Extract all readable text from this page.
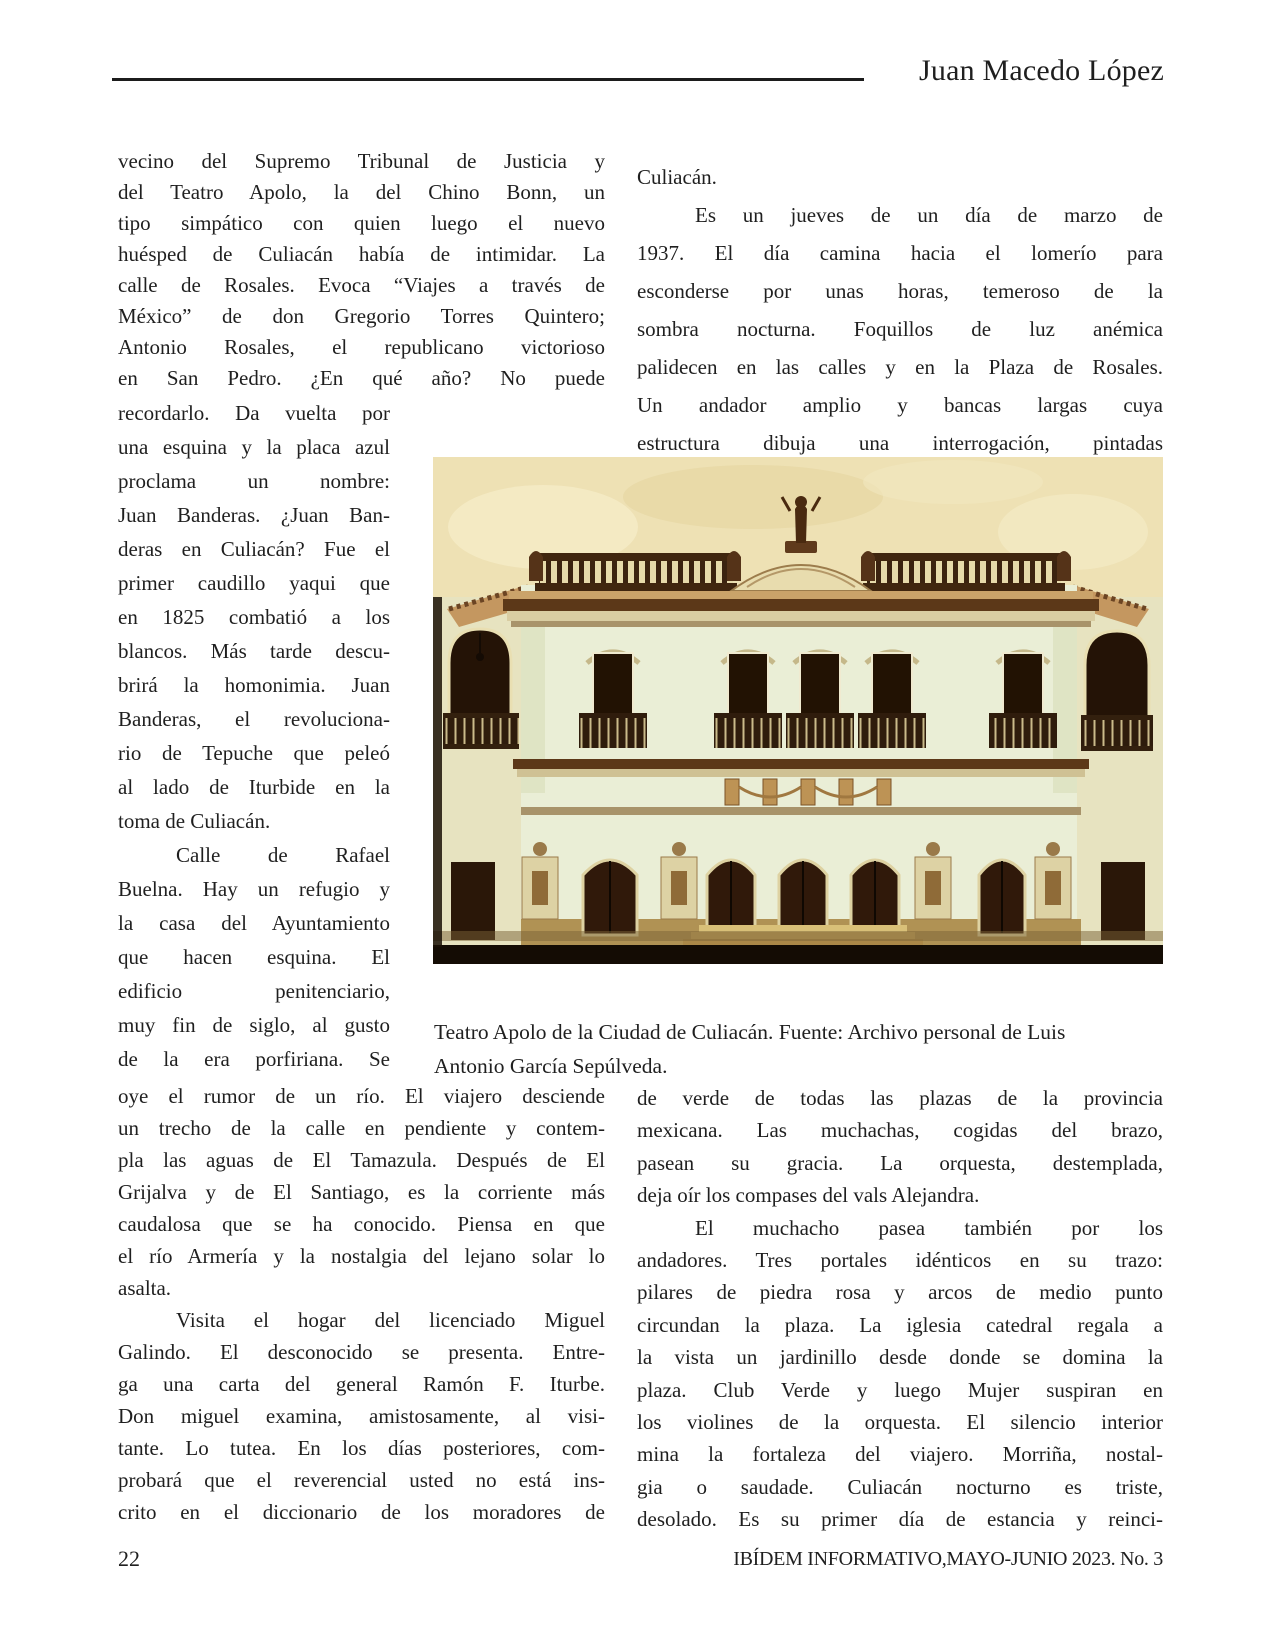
Juan Macedo López
vecino del Supremo Tribunal de Justicia y
del Teatro Apolo, la del Chino Bonn, un
tipo simpático con quien luego el nuevo
huésped de Culiacán había de intimidar. La
calle de Rosales. Evoca “Viajes a través de
México” de don Gregorio Torres Quintero;
Antonio Rosales, el republicano victorioso
en San Pedro. ¿En qué año? No puede
recordarlo. Da vuelta por
una esquina y la placa azul
proclama un nombre:
Juan Banderas. ¿Juan Ban-
deras en Culiacán? Fue el
primer caudillo yaqui que
en 1825 combatió a los
blancos. Más tarde descu-
brirá la homonimia. Juan
Banderas, el revoluciona-
rio de Tepuche que peleó
al lado de Iturbide en la
toma de Culiacán.
Calle de Rafael
Buelna. Hay un refugio y
la casa del Ayuntamiento
que hacen esquina. El
edificio penitenciario,
muy fin de siglo, al gusto
de la era porfiriana. Se
oye el rumor de un río. El viajero desciende
un trecho de la calle en pendiente y contem-
pla las aguas de El Tamazula. Después de El
Grijalva y de El Santiago, es la corriente más
caudalosa que se ha conocido. Piensa en que
el río Armería y la nostalgia del lejano solar lo
asalta.
Visita el hogar del licenciado Miguel
Galindo. El desconocido se presenta. Entre-
ga una carta del general Ramón F. Iturbe.
Don miguel examina, amistosamente, al visi-
tante. Lo tutea. En los días posteriores, com-
probará que el reverencial usted no está ins-
crito en el diccionario de los moradores de
Culiacán.
Es un jueves de un día de marzo de
1937. El día camina hacia el lomerío para
esconderse por unas horas, temeroso de la
sombra nocturna. Foquillos de luz anémica
palidecen en las calles y en la Plaza de Rosales.
Un andador amplio y bancas largas cuya
estructura dibuja una interrogación, pintadas
de verde de todas las plazas de la provincia
mexicana. Las muchachas, cogidas del brazo,
pasean su gracia. La orquesta, destemplada,
deja oír los compases del vals Alejandra.
El muchacho pasea también por los
andadores. Tres portales idénticos en su trazo:
pilares de piedra rosa y arcos de medio punto
circundan la plaza. La iglesia catedral regala a
la vista un jardinillo desde donde se domina la
plaza. Club Verde y luego Mujer suspiran en
los violines de la orquesta. El silencio interior
mina la fortaleza del viajero. Morriña, nostal-
gia o saudade. Culiacán nocturno es triste,
desolado. Es su primer día de estancia y reinci-
Teatro Apolo de la Ciudad de Culiacán. Fuente: Archivo personal de Luis
Antonio García Sepúlveda.
22	IBÍDEM INFORMATIVO,MAYO-JUNIO 2023. No. 3
